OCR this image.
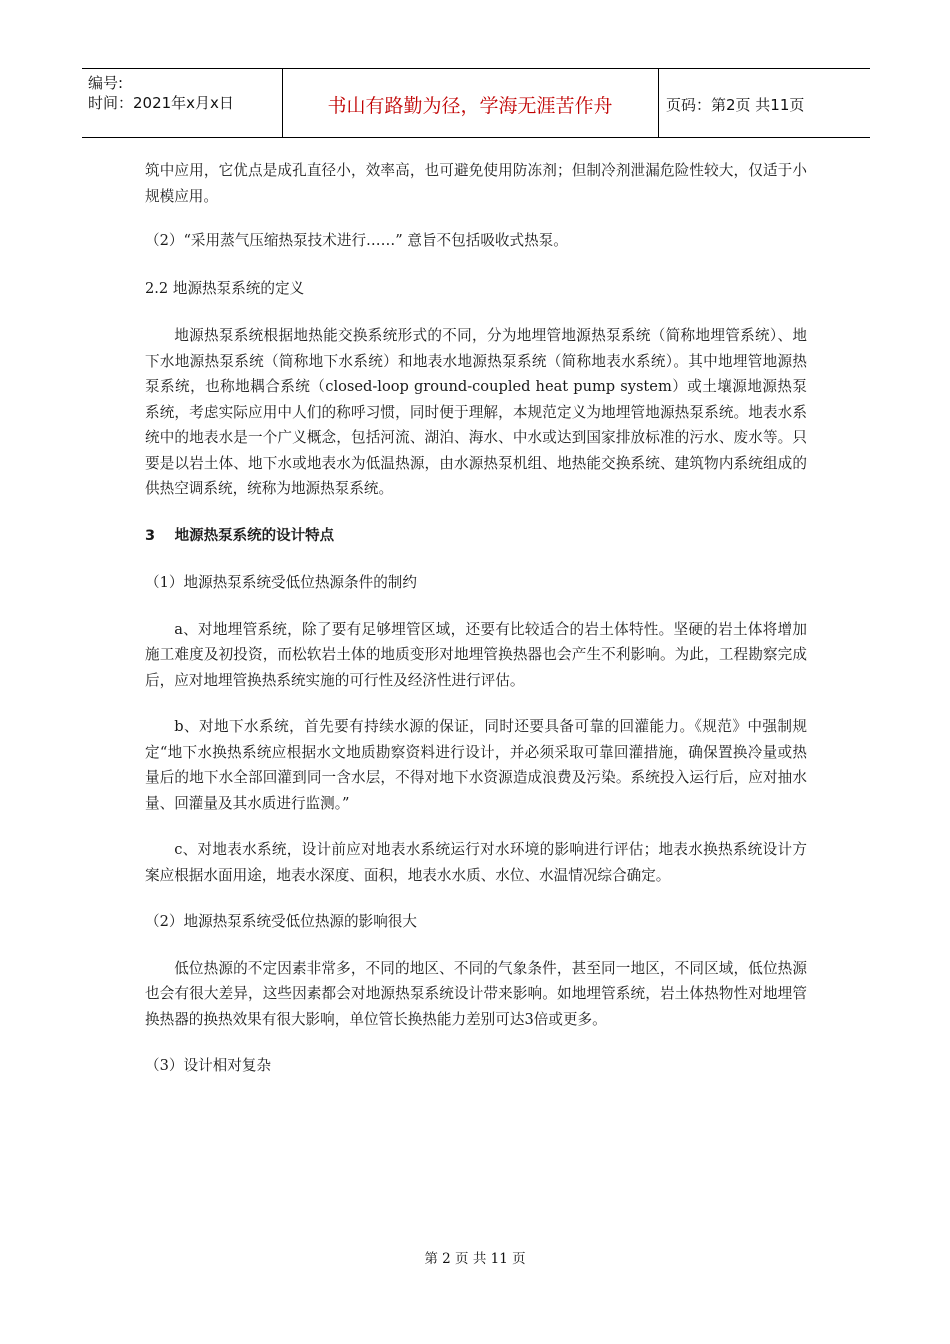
编号:
时间：2021年x月x日	书山有路勤为径，学海无涯苦作舟	页码：第2页 共11页

筑中应用，它优点是成孔直径小，效率高，也可避免使用防冻剂；但制冷剂泄漏危险性较大，仅适于小规模应用。

（2）“采用蒸气压缩热泵技术进行……” 意旨不包括吸收式热泵。

2.2 地源热泵系统的定义

地源热泵系统根据地热能交换系统形式的不同，分为地埋管地源热泵系统（简称地埋管系统）、地下水地源热泵系统（简称地下水系统）和地表水地源热泵系统（简称地表水系统）。其中地埋管地源热泵系统，也称地耦合系统（closed-loop ground-coupled heat pump system）或土壤源地源热泵系统，考虑实际应用中人们的称呼习惯，同时便于理解，本规范定义为地埋管地源热泵系统。地表水系统中的地表水是一个广义概念，包括河流、湖泊、海水、中水或达到国家排放标准的污水、废水等。只要是以岩土体、地下水或地表水为低温热源，由水源热泵机组、地热能交换系统、建筑物内系统组成的供热空调系统，统称为地源热泵系统。

3　 地源热泵系统的设计特点

（1）地源热泵系统受低位热源条件的制约

a、对地埋管系统，除了要有足够埋管区域，还要有比较适合的岩土体特性。坚硬的岩土体将增加施工难度及初投资，而松软岩土体的地质变形对地埋管换热器也会产生不利影响。为此，工程勘察完成后，应对地埋管换热系统实施的可行性及经济性进行评估。

b、对地下水系统，首先要有持续水源的保证，同时还要具备可靠的回灌能力。《规范》中强制规定“地下水换热系统应根据水文地质勘察资料进行设计，并必须采取可靠回灌措施，确保置换冷量或热量后的地下水全部回灌到同一含水层，不得对地下水资源造成浪费及污染。系统投入运行后，应对抽水量、回灌量及其水质进行监测。”

c、对地表水系统，设计前应对地表水系统运行对水环境的影响进行评估；地表水换热系统设计方案应根据水面用途，地表水深度、面积，地表水水质、水位、水温情况综合确定。

（2）地源热泵系统受低位热源的影响很大

低位热源的不定因素非常多，不同的地区、不同的气象条件，甚至同一地区，不同区域，低位热源也会有很大差异，这些因素都会对地源热泵系统设计带来影响。如地埋管系统，岩土体热物性对地埋管换热器的换热效果有很大影响，单位管长换热能力差别可达3倍或更多。

（3）设计相对复杂

第 2 页 共 11 页
